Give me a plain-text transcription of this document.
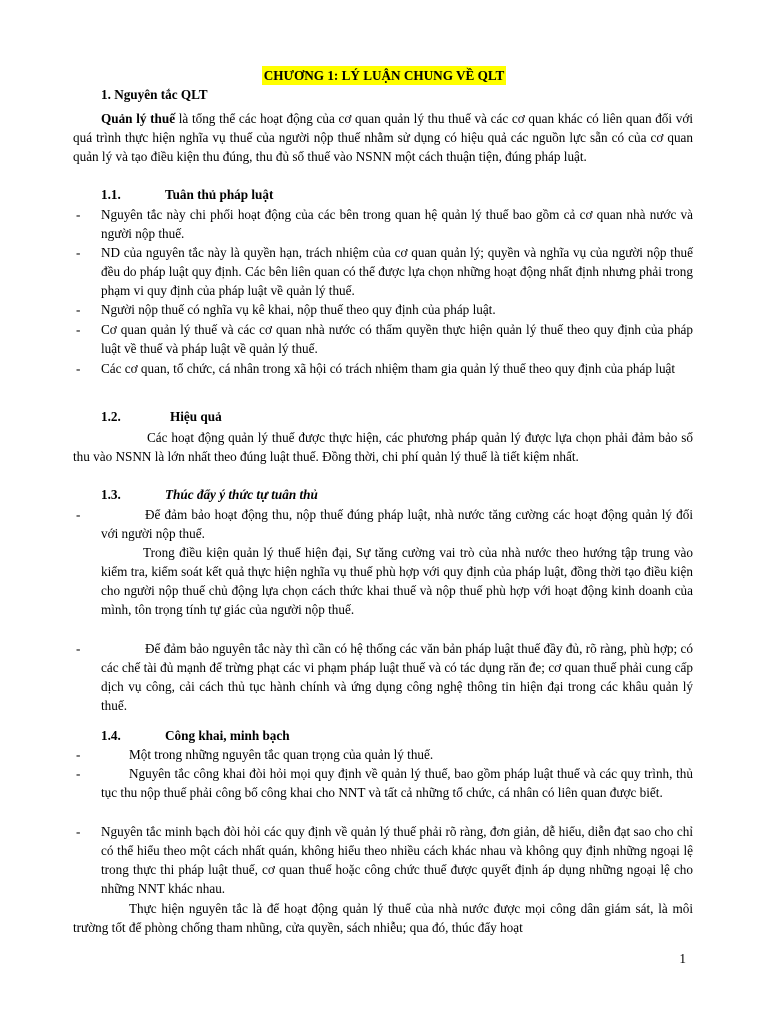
CHƯƠNG 1: LÝ LUẬN CHUNG VỀ QLT
1. Nguyên tắc QLT
Quản lý thuế là tổng thể các hoạt động của cơ quan quản lý thu thuế và các cơ quan khác có liên quan đối với quá trình thực hiện nghĩa vụ thuế của người nộp thuế nhằm sử dụng có hiệu quả các nguồn lực sẵn có của cơ quan quản lý và tạo điều kiện thu đúng, thu đủ số thuế vào NSNN một cách thuận tiện, đúng pháp luật.
1.1.	Tuân thủ pháp luật
- Nguyên tắc này chi phối hoạt động của các bên trong quan hệ quản lý thuế bao gồm cả cơ quan nhà nước và người nộp thuế.
- ND của nguyên tắc này là quyền hạn, trách nhiệm của cơ quan quản lý; quyền và nghĩa vụ của người nộp thuế đều do pháp luật quy định. Các bên liên quan có thể được lựa chọn những hoạt động nhất định nhưng phải trong phạm vi quy định của pháp luật về quản lý thuế.
- Người nộp thuế có nghĩa vụ kê khai, nộp thuế theo quy định của pháp luật.
- Cơ quan quản lý thuế và các cơ quan nhà nước có thẩm quyền thực hiện quản lý thuế theo quy định của pháp luật về thuế và pháp luật về quản lý thuế.
- Các cơ quan, tổ chức, cá nhân trong xã hội có trách nhiệm tham gia quản lý thuế theo quy định của pháp luật
1.2.	Hiệu quả
Các hoạt động quản lý thuế được thực hiện, các phương pháp quản lý được lựa chọn phải đảm bảo số thu vào NSNN là lớn nhất theo đúng luật thuế. Đồng thời, chi phí quản lý thuế là tiết kiệm nhất.
1.3.	Thúc đẩy ý thức tự tuân thủ
-	Để đảm bảo hoạt động thu, nộp thuế đúng pháp luật, nhà nước tăng cường các hoạt động quản lý đối với người nộp thuế.
Trong điều kiện quản lý thuế hiện đại, Sự tăng cường vai trò của nhà nước theo hướng tập trung vào kiểm tra, kiểm soát kết quả thực hiện nghĩa vụ thuế phù hợp với quy định của pháp luật, đồng thời tạo điều kiện cho người nộp thuế chủ động lựa chọn cách thức khai thuế và nộp thuế phù hợp với hoạt động kinh doanh của mình, tôn trọng tính tự giác của người nộp thuế.
-	Để đảm bảo nguyên tắc này thì cần có hệ thống các văn bản pháp luật thuế đầy đủ, rõ ràng, phù hợp; có các chế tài đủ mạnh để trừng phạt các vi phạm pháp luật thuế và có tác dụng răn đe; cơ quan thuế phải cung cấp dịch vụ công, cải cách thủ tục hành chính và ứng dụng công nghệ thông tin hiện đại trong các khâu quản lý thuế.
1.4.	Công khai, minh bạch
-	Một trong những nguyên tắc quan trọng của quản lý thuế.
-	Nguyên tắc công khai đòi hỏi mọi quy định về quản lý thuế, bao gồm pháp luật thuế và các quy trình, thủ tục thu nộp thuế phải công bố công khai cho NNT và tất cả những tổ chức, cá nhân có liên quan được biết.
- Nguyên tắc minh bạch đòi hỏi các quy định về quản lý thuế phải rõ ràng, đơn giản, dễ hiểu, diễn đạt sao cho chỉ có thể hiểu theo một cách nhất quán, không hiểu theo nhiều cách khác nhau và không quy định những ngoại lệ trong thực thi pháp luật thuế, cơ quan thuế hoặc công chức thuế được quyết định áp dụng những ngoại lệ cho những NNT khác nhau.
Thực hiện nguyên tắc là để hoạt động quản lý thuế của nhà nước được mọi công dân giám sát, là môi trường tốt để phòng chống tham nhũng, cửa quyền, sách nhiễu; qua đó, thúc đẩy hoạt
1
